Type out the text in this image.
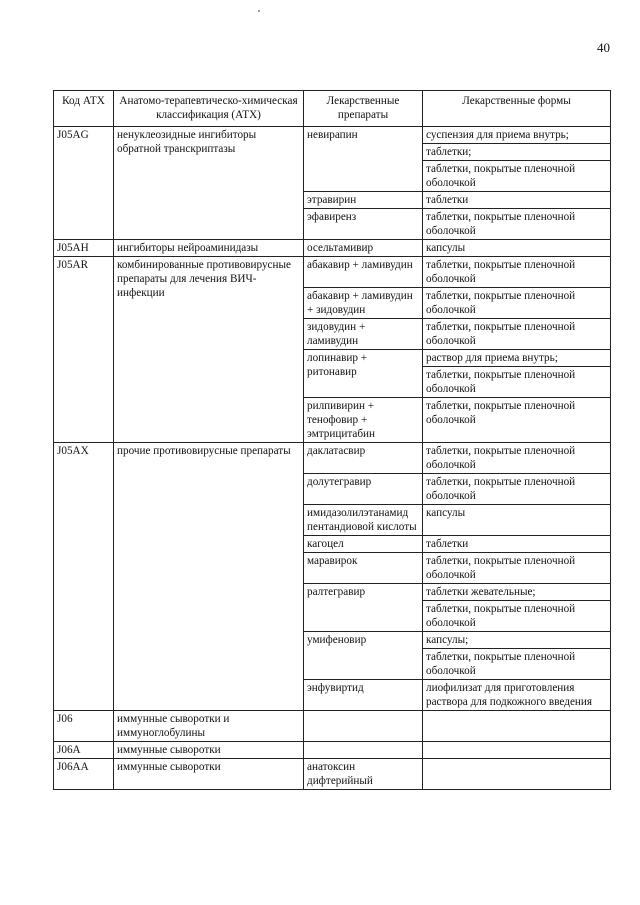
40
Код АТХ	Анатомо-терапевтическо-химическая классификация (АТХ)	Лекарственные препараты	Лекарственные формы
J05AG	ненуклеозидные ингибиторы обратной транскриптазы	невирапин	суспензия для приема внутрь;
			таблетки;
			таблетки, покрытые пленочной оболочкой
		этравирин	таблетки
		эфавиренз	таблетки, покрытые пленочной оболочкой
J05AH	ингибиторы нейроаминидазы	осельтамивир	капсулы
J05AR	комбинированные противовирусные препараты для лечения ВИЧ-инфекции	абакавир + ламивудин	таблетки, покрытые пленочной оболочкой
		абакавир + ламивудин + зидовудин	таблетки, покрытые пленочной оболочкой
		зидовудин + ламивудин	таблетки, покрытые пленочной оболочкой
		лопинавир + ритонавир	раствор для приема внутрь;
			таблетки, покрытые пленочной оболочкой
		рилпивирин + тенофовир + эмтрицитабин	таблетки, покрытые пленочной оболочкой
J05AX	прочие противовирусные препараты	даклатасвир	таблетки, покрытые пленочной оболочкой
		долутегравир	таблетки, покрытые пленочной оболочкой
		имидазолилэтанамид пентандиовой кислоты	капсулы
		кагоцел	таблетки
		маравирок	таблетки, покрытые пленочной оболочкой
		ралтегравир	таблетки жевательные;
			таблетки, покрытые пленочной оболочкой
		умифеновир	капсулы;
			таблетки, покрытые пленочной оболочкой
		энфувиртид	лиофилизат для приготовления раствора для подкожного введения
J06	иммунные сыворотки и иммуноглобулины		
J06A	иммунные сыворотки		
J06AA	иммунные сыворотки	анатоксин дифтерийный	
